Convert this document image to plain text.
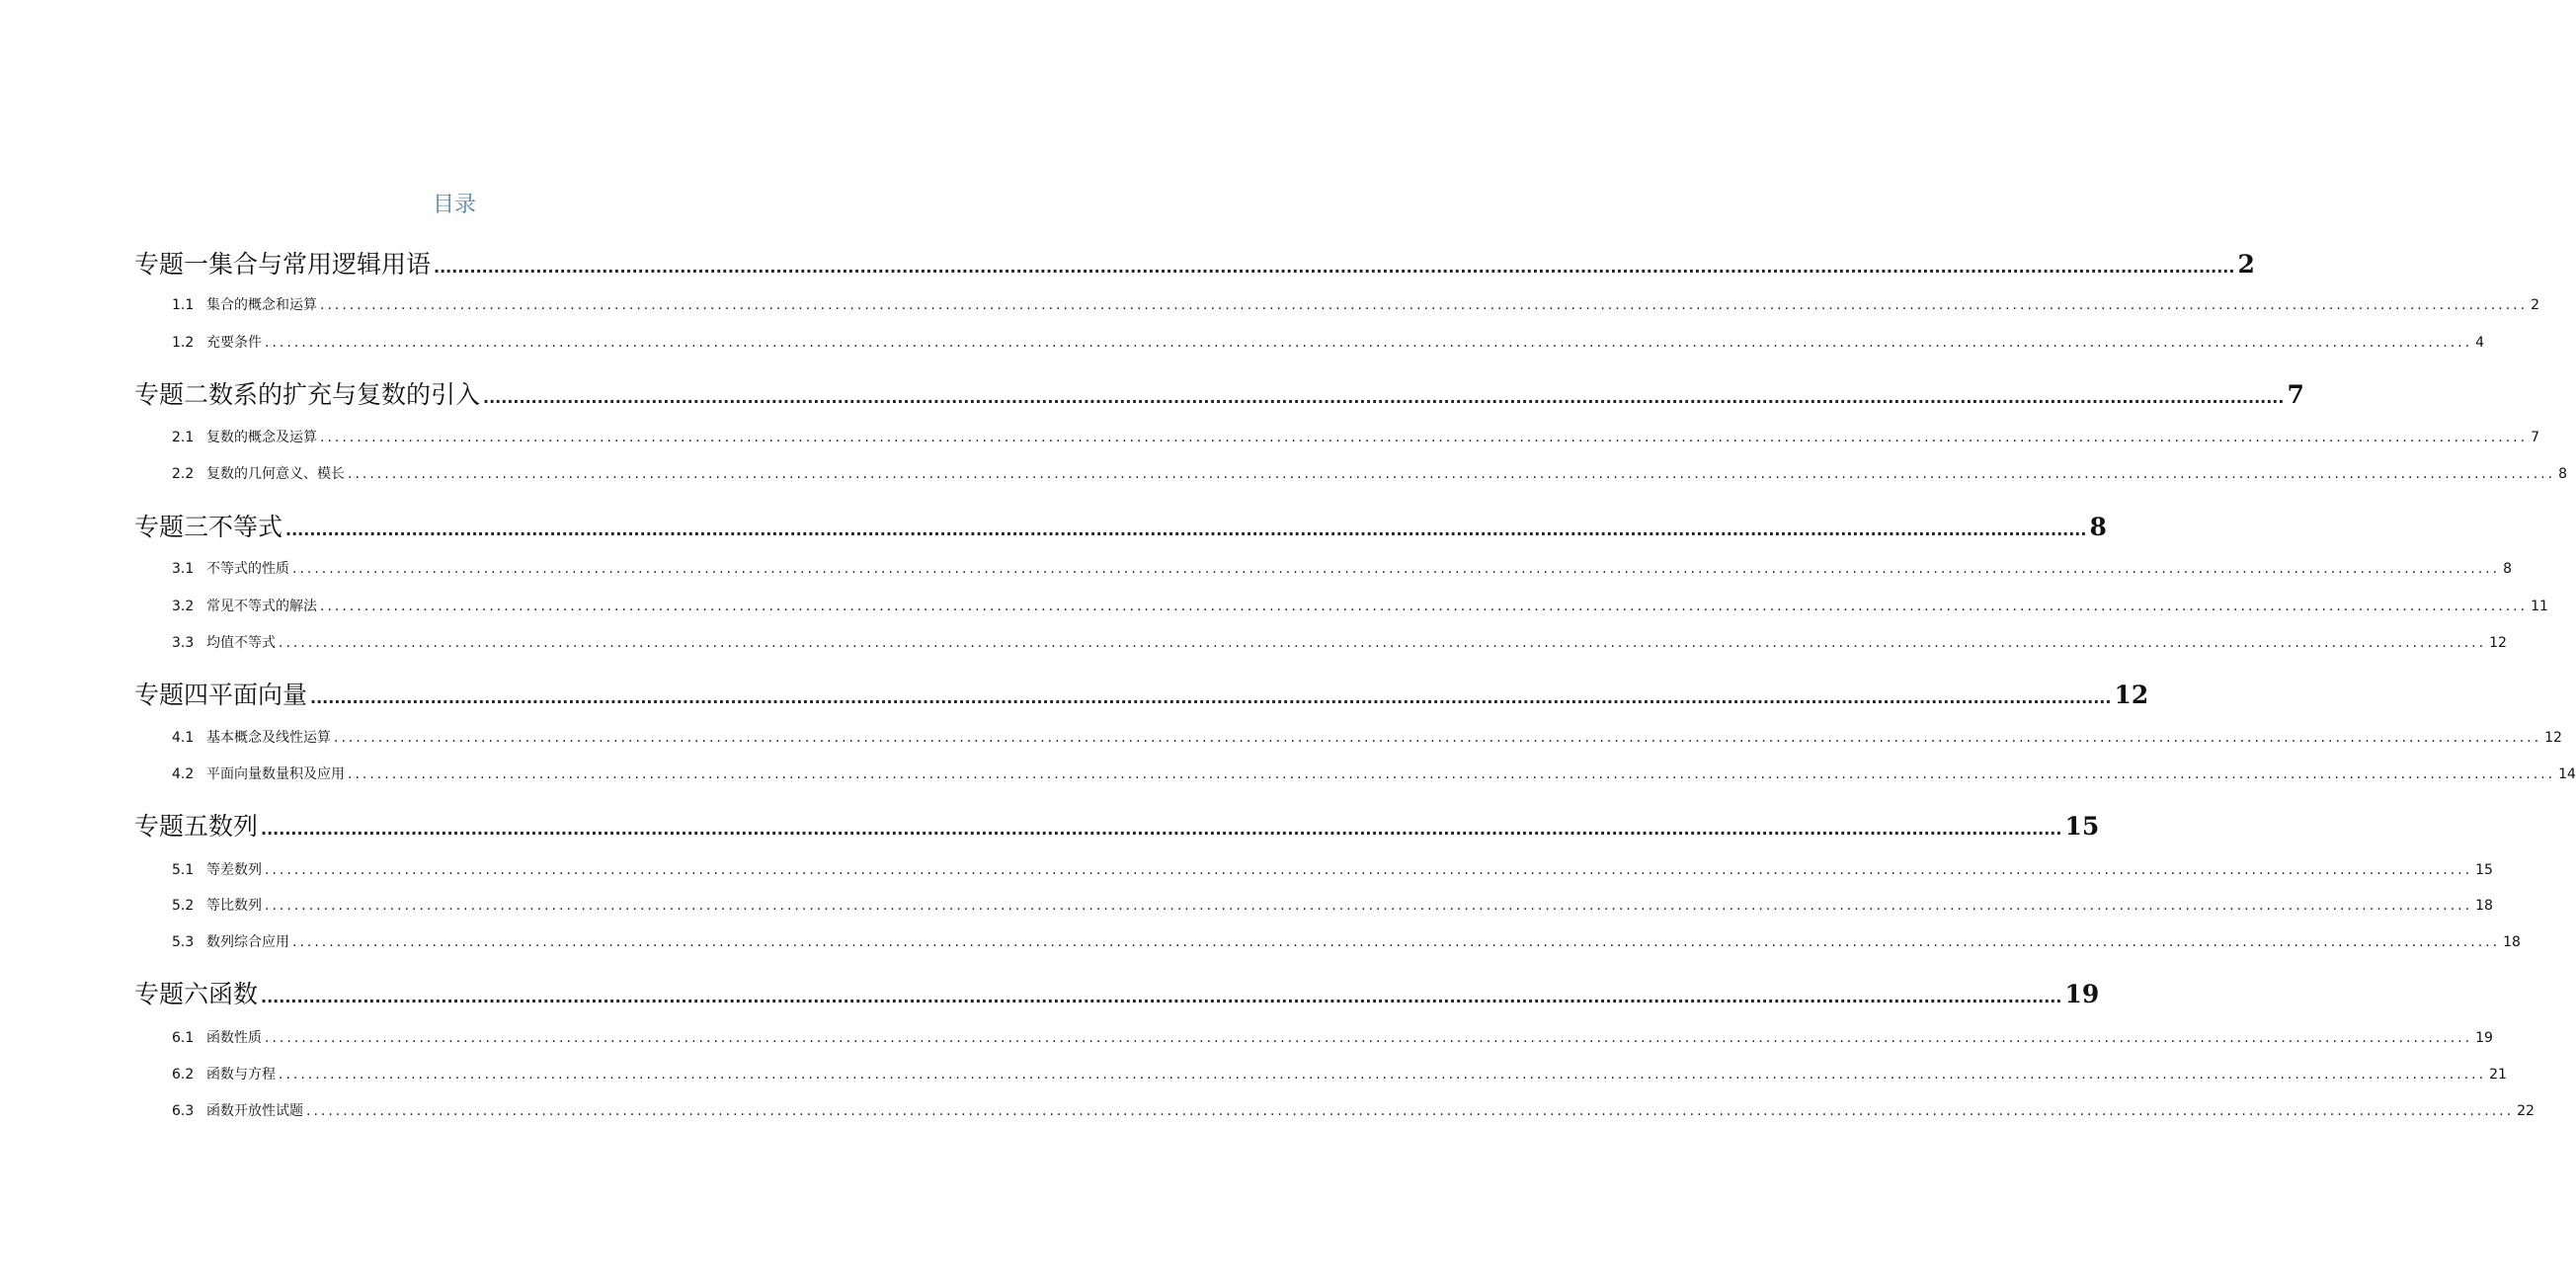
目录
专题一集合与常用逻辑用语 ............................................................................................................................................................................................................................................................................................................ 2
1.1 集合的概念和运算 ............................................................................................................................................................................................................................................................................................................ 2
1.2 充要条件 ............................................................................................................................................................................................................................................................................................................ 4
专题二数系的扩充与复数的引入 ............................................................................................................................................................................................................................................................................................................ 7
2.1 复数的概念及运算 ............................................................................................................................................................................................................................................................................................................ 7
2.2 复数的几何意义、模长 ............................................................................................................................................................................................................................................................................................................ 8
专题三不等式 ............................................................................................................................................................................................................................................................................................................ 8
3.1 不等式的性质 ............................................................................................................................................................................................................................................................................................................ 8
3.2 常见不等式的解法 ............................................................................................................................................................................................................................................................................................................ 11
3.3 均值不等式 ............................................................................................................................................................................................................................................................................................................ 12
专题四平面向量 ............................................................................................................................................................................................................................................................................................................ 12
4.1 基本概念及线性运算 ............................................................................................................................................................................................................................................................................................................ 12
4.2 平面向量数量积及应用 ............................................................................................................................................................................................................................................................................................................ 14
专题五数列 ............................................................................................................................................................................................................................................................................................................ 15
5.1 等差数列 ............................................................................................................................................................................................................................................................................................................ 15
5.2 等比数列 ............................................................................................................................................................................................................................................................................................................ 18
5.3 数列综合应用 ............................................................................................................................................................................................................................................................................................................ 18
专题六函数 ............................................................................................................................................................................................................................................................................................................ 19
6.1 函数性质 ............................................................................................................................................................................................................................................................................................................ 19
6.2 函数与方程 ............................................................................................................................................................................................................................................................................................................ 21
6.3 函数开放性试题 ............................................................................................................................................................................................................................................................................................................ 22
